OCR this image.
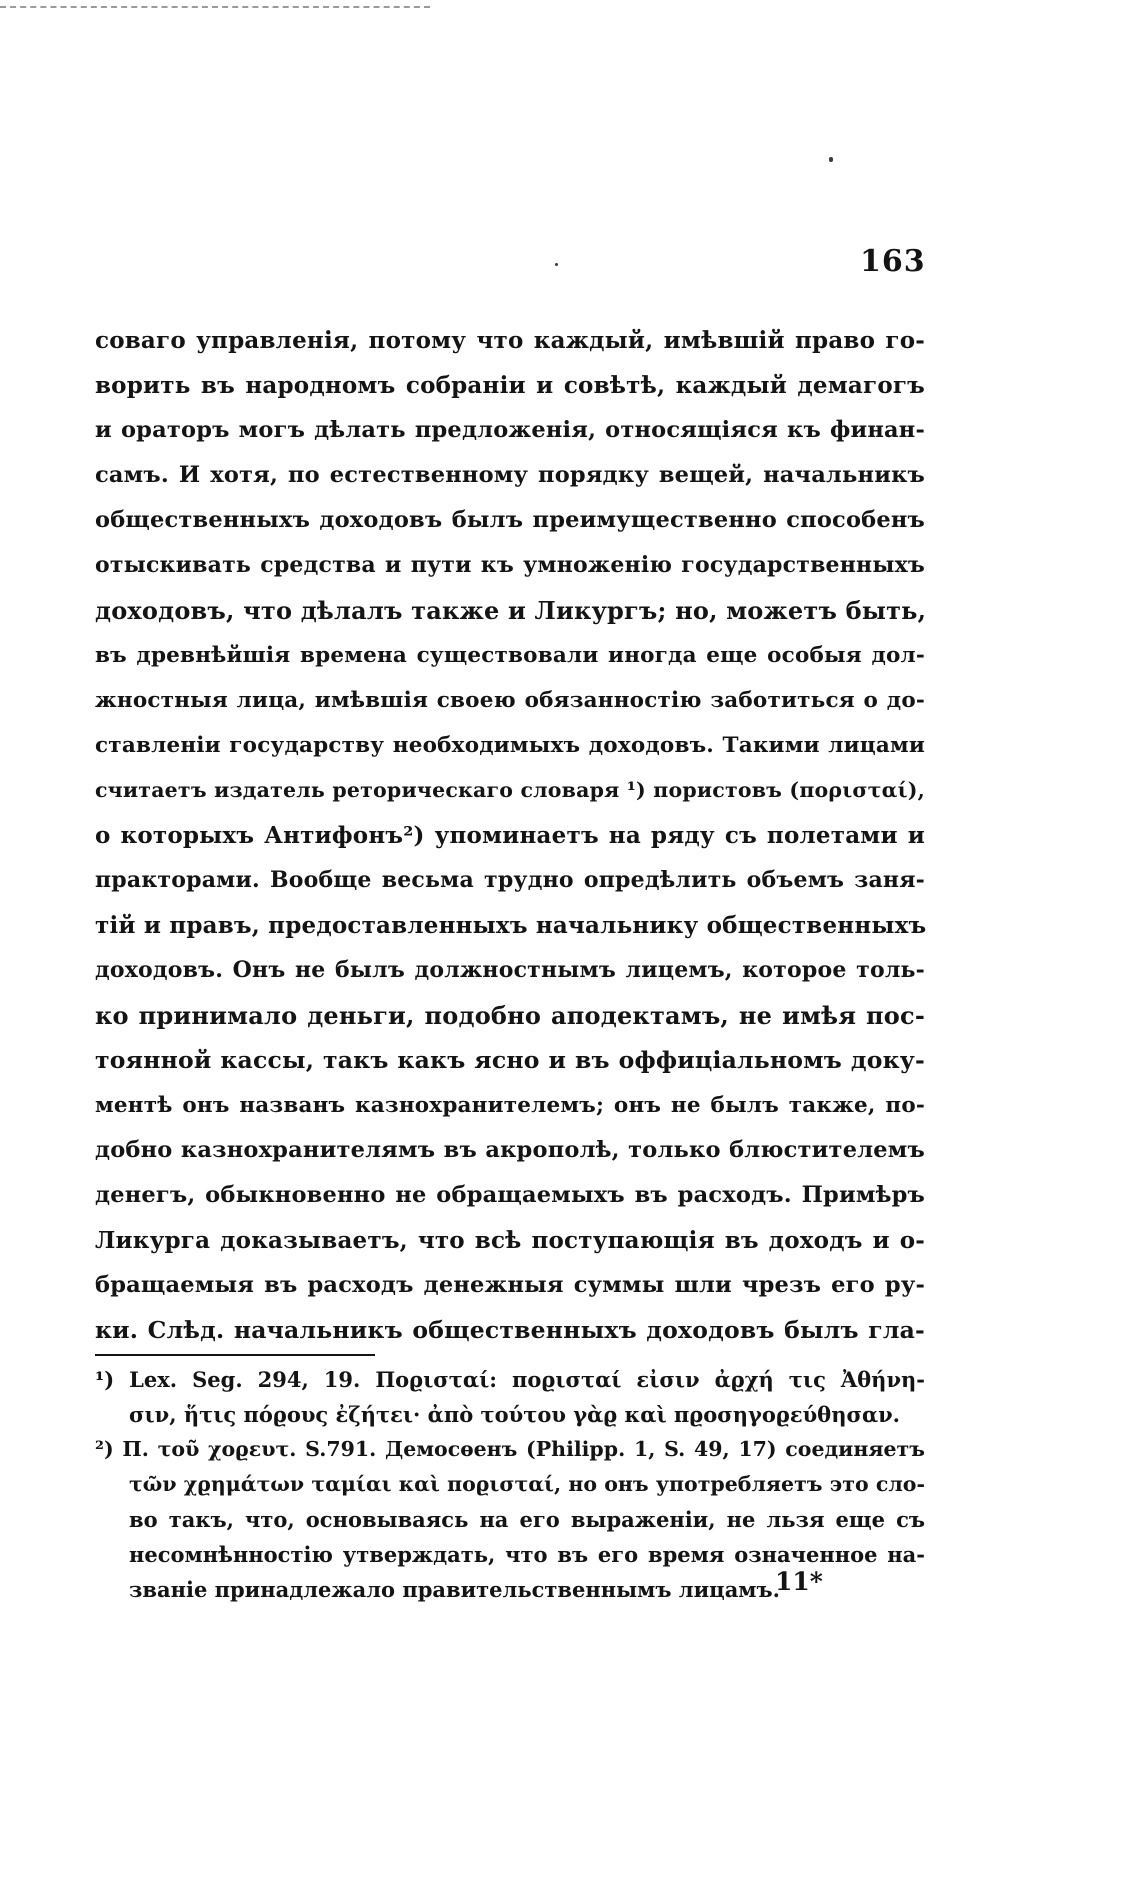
163
соваго управленія, потому что каждый, имѣвшій право го-
ворить въ народномъ собраніи и совѣтѣ, каждый демагогъ
и ораторъ могъ дѣлать предложенія, относящіяся къ финан-
самъ. И хотя, по естественному порядку вещей, начальникъ
общественныхъ доходовъ былъ преимущественно способенъ
отыскивать средства и пути къ умноженію государственныхъ
доходовъ, что дѣлалъ также и Ликургъ; но, можетъ быть,
въ древнѣйшія времена существовали иногда еще особыя дол-
жностныя лица, имѣвшія своею обязанностію заботиться о до-
ставленіи государству необходимыхъ доходовъ. Такими лицами
считаетъ издатель реторическаго словаря ¹) пористовъ (πορισταί),
о которыхъ Антифонъ²) упоминаетъ на ряду съ полетами и
практорами. Вообще весьма трудно опредѣлить объемъ заня-
тій и правъ, предоставленныхъ начальнику общественныхъ
доходовъ. Онъ не былъ должностнымъ лицемъ, которое толь-
ко принимало деньги, подобно аподектамъ, не имѣя пос-
тоянной кассы, такъ какъ ясно и въ оффиціальномъ доку-
ментѣ онъ названъ казнохранителемъ; онъ не былъ также, по-
добно казнохранителямъ въ акрополѣ, только блюстителемъ
денегъ, обыкновенно не обращаемыхъ въ расходъ. Примѣръ
Ликурга доказываетъ, что всѣ поступающія въ доходъ и о-
бращаемыя въ расходъ денежныя суммы шли чрезъ его ру-
ки. Слѣд. начальникъ общественныхъ доходовъ былъ гла-
¹) Lex. Seg. 294, 19. Ποϱισταί: ποϱισταί εἰσιν ἀϱχή τις Ἀθήνη-
σιν, ἥτις πόϱους ἐζήτει· ἀπὸ τούτου γὰϱ καὶ πϱοσηγοϱεύθησαν.
²) П. τοῦ χοϱευτ. S.791. Демосѳенъ (Philipp. 1, S. 49, 17) соединяетъ
τῶν χϱημάτων ταμίαι καὶ ποϱισταί, но онъ употребляетъ это сло-
во такъ, что, основываясь на его выраженіи, не льзя еще съ
несомнѣнностію утверждать, что въ его время означенное на-
званіе принадлежало правительственнымъ лицамъ.
11*
